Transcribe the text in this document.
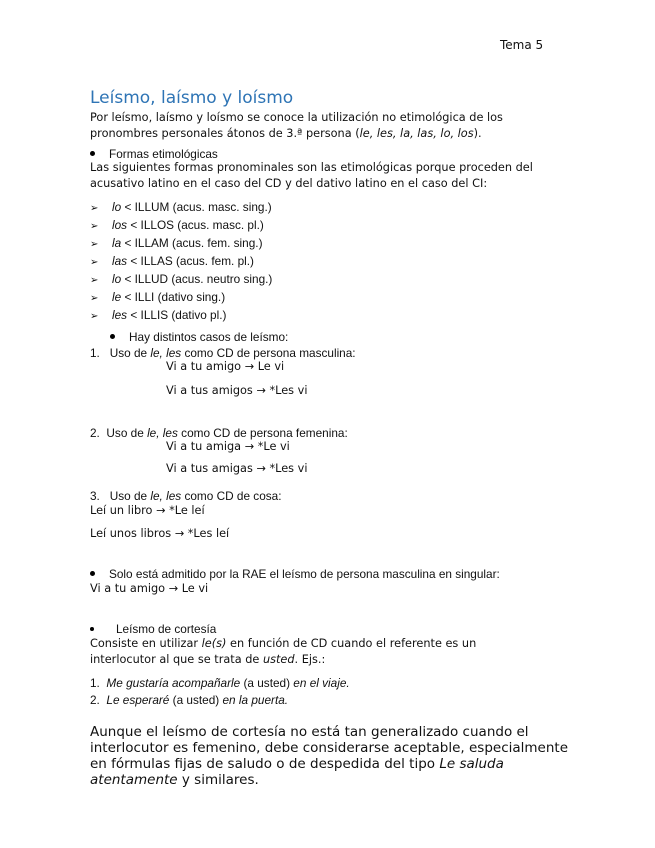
Tema 5
Leísmo, laísmo y loísmo
Por leísmo, laísmo y loísmo se conoce la utilización no etimológica de los
pronombres personales átonos de 3.ª persona (le, les, la, las, lo, los).
Formas etimológicas
Las siguientes formas pronominales son las etimológicas porque proceden del
acusativo latino en el caso del CD y del dativo latino en el caso del CI:
➢ lo < ILLUM (acus. masc. sing.)
➢ los < ILLOS (acus. masc. pl.)
➢ la < ILLAM (acus. fem. sing.)
➢ las < ILLAS (acus. fem. pl.)
➢ lo < ILLUD (acus. neutro sing.)
➢ le < ILLI (dativo sing.)
➢ les < ILLIS (dativo pl.)
Hay distintos casos de leísmo:
1. Uso de le, les como CD de persona masculina:
Vi a tu amigo → Le vi
Vi a tus amigos → *Les vi
2. Uso de le, les como CD de persona femenina:
Vi a tu amiga → *Le vi
Vi a tus amigas → *Les vi
3. Uso de le, les como CD de cosa:
Leí un libro → *Le leí
Leí unos libros → *Les leí
Solo está admitido por la RAE el leísmo de persona masculina en singular:
Vi a tu amigo → Le vi
Leísmo de cortesía
Consiste en utilizar le(s) en función de CD cuando el referente es un
interlocutor al que se trata de usted. Ejs.:
1. Me gustaría acompañarle (a usted) en el viaje.
2. Le esperaré (a usted) en la puerta.
Aunque el leísmo de cortesía no está tan generalizado cuando el
interlocutor es femenino, debe considerarse aceptable, especialmente
en fórmulas fijas de saludo o de despedida del tipo Le saluda
atentamente y similares.
